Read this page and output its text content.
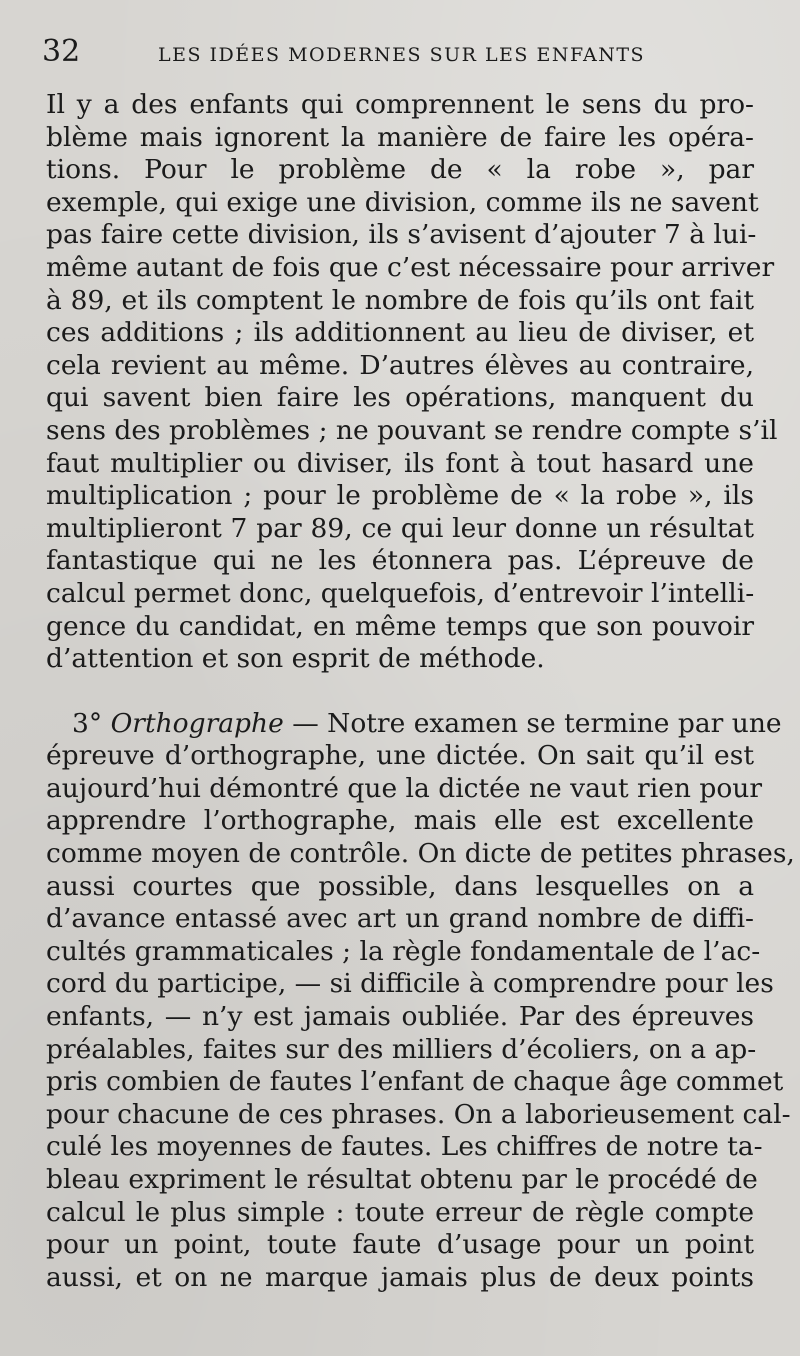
32	LES IDÉES MODERNES SUR LES ENFANTS
Il y a des enfants qui comprennent le sens du pro-
blème mais ignorent la manière de faire les opéra-
tions. Pour le problème de « la robe », par
exemple, qui exige une division, comme ils ne savent
pas faire cette division, ils s’avisent d’ajouter 7 à lui-
même autant de fois que c’est nécessaire pour arriver
à 89, et ils comptent le nombre de fois qu’ils ont fait
ces additions ; ils additionnent au lieu de diviser, et
cela revient au même. D’autres élèves au contraire,
qui savent bien faire les opérations, manquent du
sens des problèmes ; ne pouvant se rendre compte s’il
faut multiplier ou diviser, ils font à tout hasard une
multiplication ; pour le problème de « la robe », ils
multiplieront 7 par 89, ce qui leur donne un résultat
fantastique qui ne les étonnera pas. L’épreuve de
calcul permet donc, quelquefois, d’entrevoir l’intelli-
gence du candidat, en même temps que son pouvoir
d’attention et son esprit de méthode.
3° Orthographe — Notre examen se termine par une
épreuve d’orthographe, une dictée. On sait qu’il est
aujourd’hui démontré que la dictée ne vaut rien pour
apprendre l’orthographe, mais elle est excellente
comme moyen de contrôle. On dicte de petites phrases,
aussi courtes que possible, dans lesquelles on a
d’avance entassé avec art un grand nombre de diffi-
cultés grammaticales ; la règle fondamentale de l’ac-
cord du participe, — si difficile à comprendre pour les
enfants, — n’y est jamais oubliée. Par des épreuves
préalables, faites sur des milliers d’écoliers, on a ap-
pris combien de fautes l’enfant de chaque âge commet
pour chacune de ces phrases. On a laborieusement cal-
culé les moyennes de fautes. Les chiffres de notre ta-
bleau expriment le résultat obtenu par le procédé de
calcul le plus simple : toute erreur de règle compte
pour un point, toute faute d’usage pour un point
aussi, et on ne marque jamais plus de deux points
